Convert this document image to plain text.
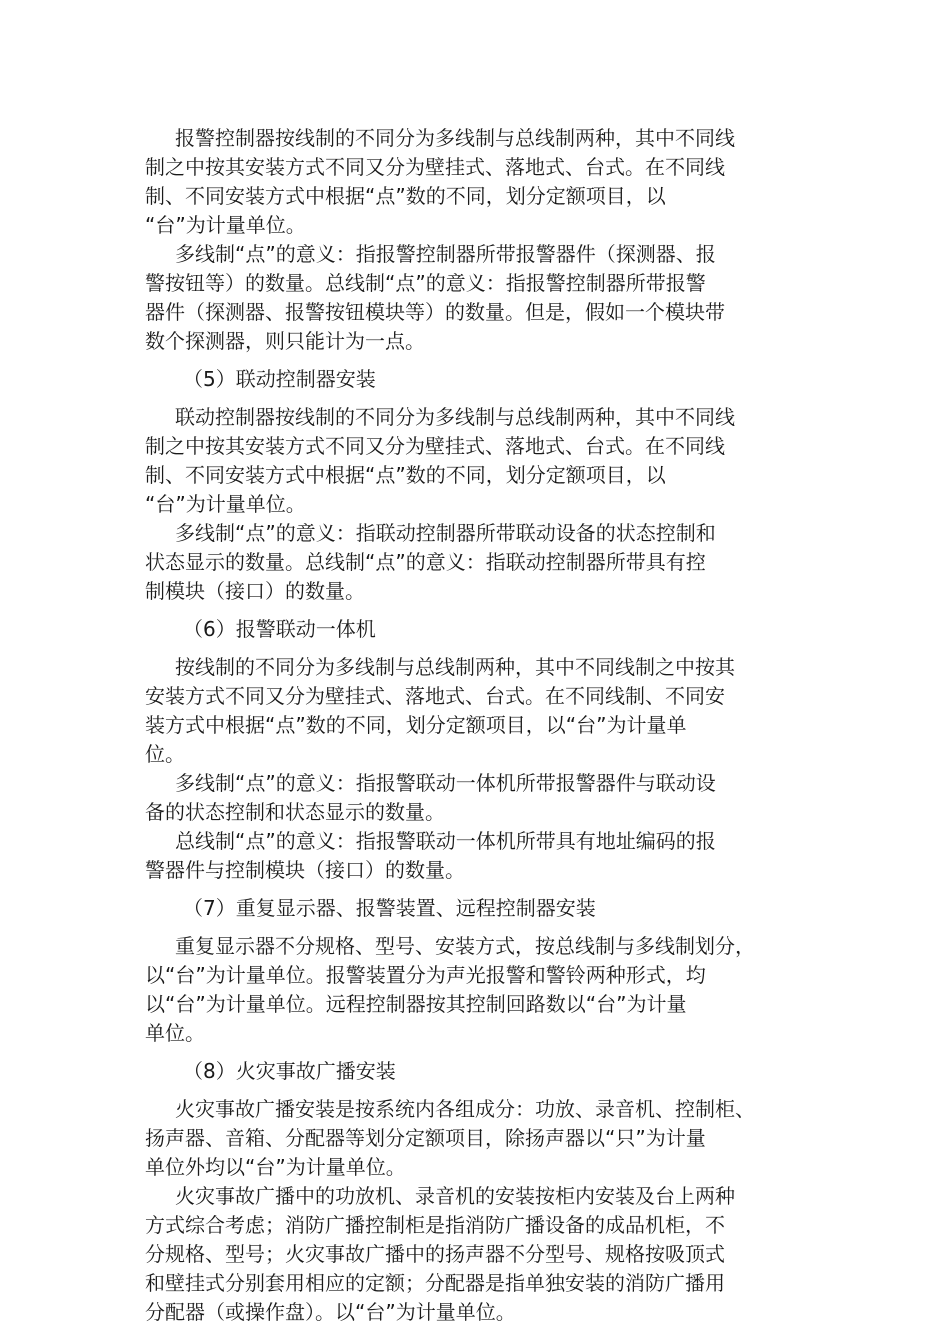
报警控制器按线制的不同分为多线制与总线制两种，其中不同线
制之中按其安装方式不同又分为壁挂式、落地式、台式。在不同线
制、不同安装方式中根据“点”数的不同，划分定额项目，以
“台”为计量单位。
多线制“点”的意义：指报警控制器所带报警器件（探测器、报
警按钮等）的数量。总线制“点”的意义：指报警控制器所带报警
器件（探测器、报警按钮模块等）的数量。但是，假如一个模块带
数个探测器，则只能计为一点。
（5）联动控制器安装
联动控制器按线制的不同分为多线制与总线制两种，其中不同线
制之中按其安装方式不同又分为壁挂式、落地式、台式。在不同线
制、不同安装方式中根据“点”数的不同，划分定额项目，以
“台”为计量单位。
多线制“点”的意义：指联动控制器所带联动设备的状态控制和
状态显示的数量。总线制“点”的意义：指联动控制器所带具有控
制模块（接口）的数量。
（6）报警联动一体机
按线制的不同分为多线制与总线制两种，其中不同线制之中按其
安装方式不同又分为壁挂式、落地式、台式。在不同线制、不同安
装方式中根据“点”数的不同，划分定额项目，以“台”为计量单
位。
多线制“点”的意义：指报警联动一体机所带报警器件与联动设
备的状态控制和状态显示的数量。
总线制“点”的意义：指报警联动一体机所带具有地址编码的报
警器件与控制模块（接口）的数量。
（7）重复显示器、报警装置、远程控制器安装
重复显示器不分规格、型号、安装方式，按总线制与多线制划分，
以“台”为计量单位。报警装置分为声光报警和警铃两种形式，均
以“台”为计量单位。远程控制器按其控制回路数以“台”为计量
单位。
（8）火灾事故广播安装
火灾事故广播安装是按系统内各组成分：功放、录音机、控制柜、
扬声器、音箱、分配器等划分定额项目，除扬声器以“只”为计量
单位外均以“台”为计量单位。
火灾事故广播中的功放机、录音机的安装按柜内安装及台上两种
方式综合考虑；消防广播控制柜是指消防广播设备的成品机柜，不
分规格、型号；火灾事故广播中的扬声器不分型号、规格按吸顶式
和壁挂式分别套用相应的定额；分配器是指单独安装的消防广播用
分配器（或操作盘）。以“台”为计量单位。
